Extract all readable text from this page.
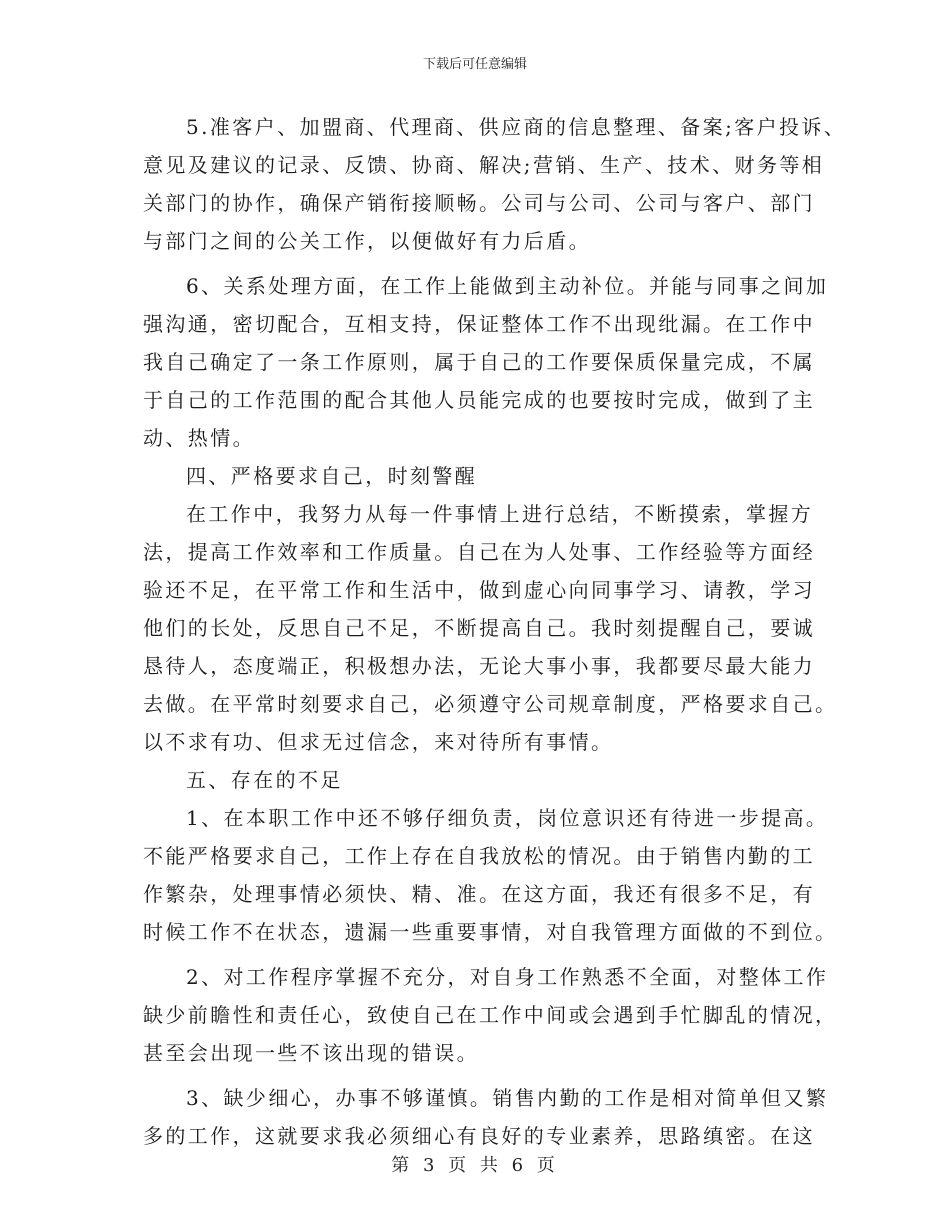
下载后可任意编辑
5.准客户、加盟商、代理商、供应商的信息整理、备案;客户投诉、
意见及建议的记录、反馈、协商、解决;营销、生产、技术、财务等相
关部门的协作，确保产销衔接顺畅。公司与公司、公司与客户、部门
与部门之间的公关工作，以便做好有力后盾。
6、关系处理方面，在工作上能做到主动补位。并能与同事之间加
强沟通，密切配合，互相支持，保证整体工作不出现纰漏。在工作中
我自己确定了一条工作原则，属于自己的工作要保质保量完成，不属
于自己的工作范围的配合其他人员能完成的也要按时完成，做到了主
动、热情。
四、严格要求自己，时刻警醒
在工作中，我努力从每一件事情上进行总结，不断摸索，掌握方
法，提高工作效率和工作质量。自己在为人处事、工作经验等方面经
验还不足，在平常工作和生活中，做到虚心向同事学习、请教，学习
他们的长处，反思自己不足，不断提高自己。我时刻提醒自己，要诚
恳待人，态度端正，积极想办法，无论大事小事，我都要尽最大能力
去做。在平常时刻要求自己，必须遵守公司规章制度，严格要求自己。
以不求有功、但求无过信念，来对待所有事情。
五、存在的不足
1、在本职工作中还不够仔细负责，岗位意识还有待进一步提高。
不能严格要求自己，工作上存在自我放松的情况。由于销售内勤的工
作繁杂，处理事情必须快、精、准。在这方面，我还有很多不足，有
时候工作不在状态，遗漏一些重要事情，对自我管理方面做的不到位。
2、对工作程序掌握不充分，对自身工作熟悉不全面，对整体工作
缺少前瞻性和责任心，致使自己在工作中间或会遇到手忙脚乱的情况，
甚至会出现一些不该出现的错误。
3、缺少细心，办事不够谨慎。销售内勤的工作是相对简单但又繁
多的工作，这就要求我必须细心有良好的专业素养，思路缜密。在这
第 3 页 共 6 页
